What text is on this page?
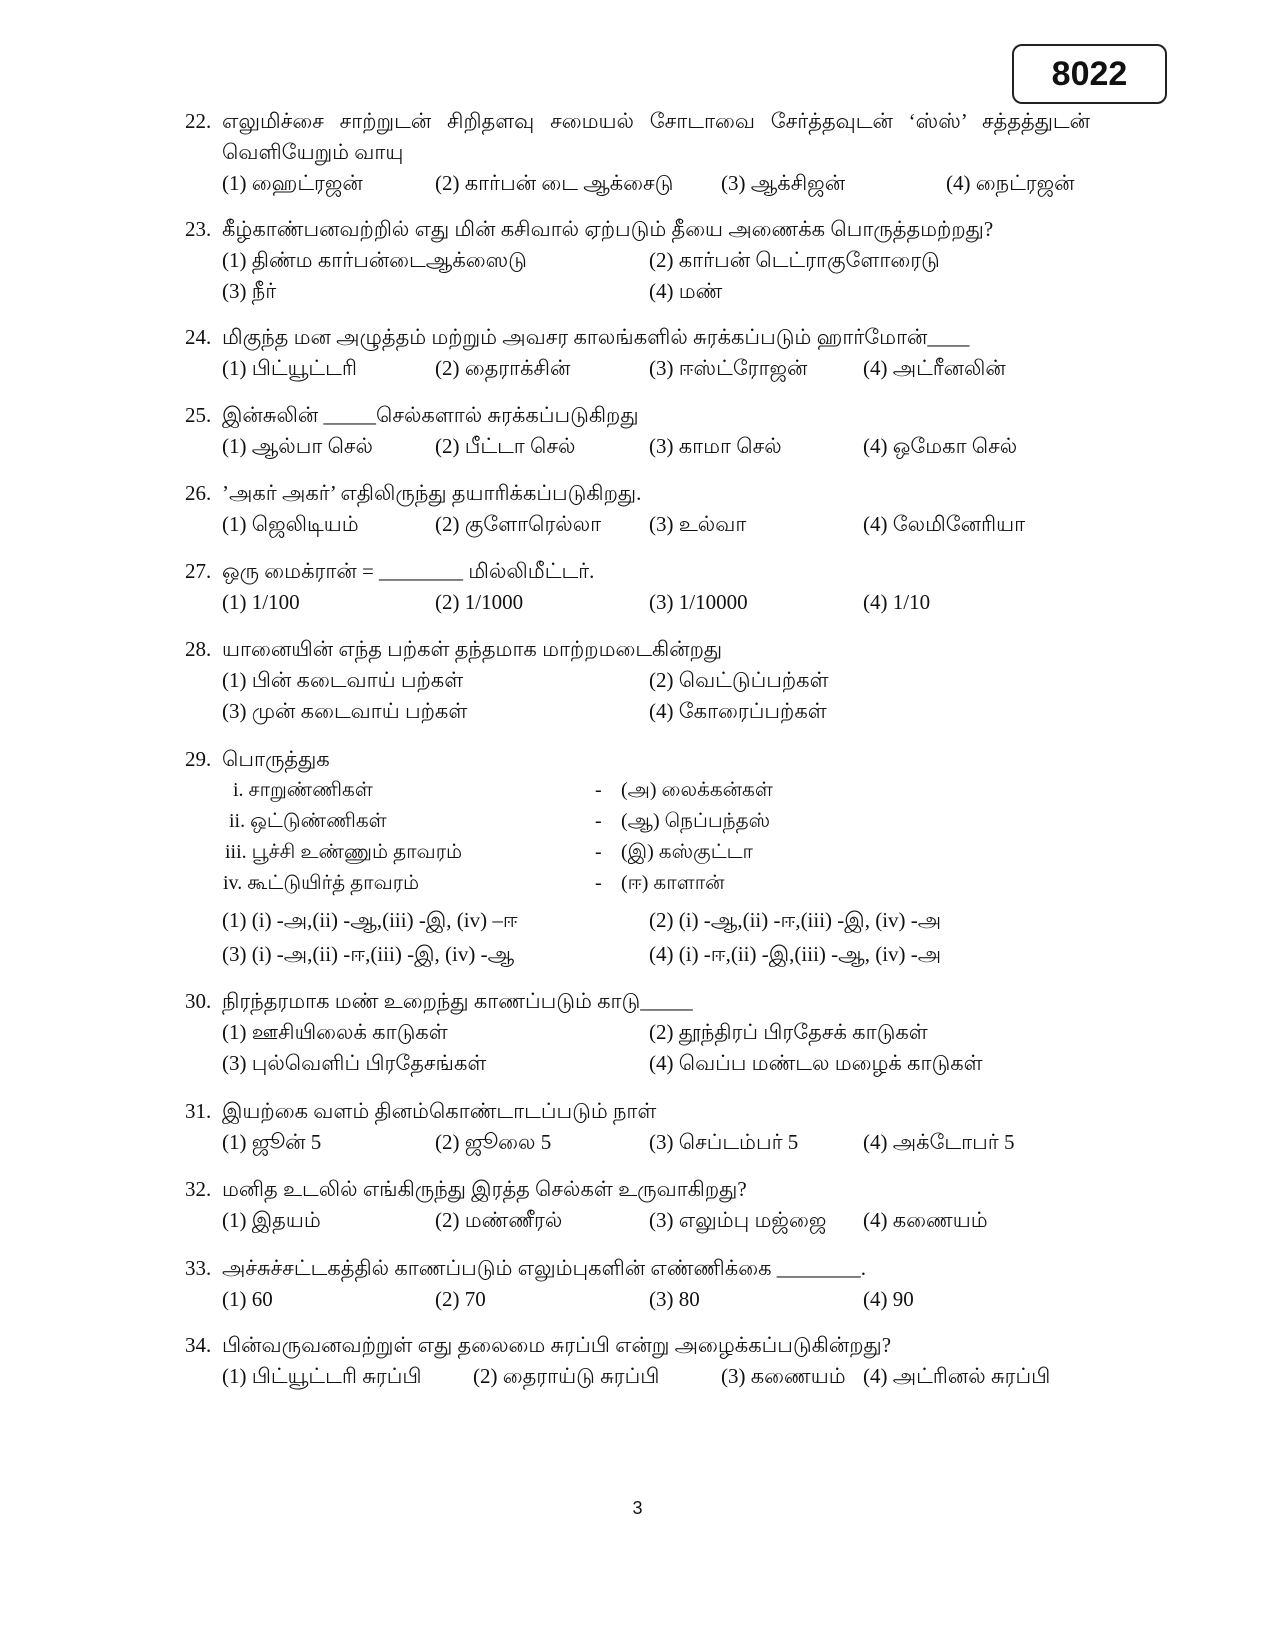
8022
22. எலுமிச்சை சாற்றுடன் சிறிதளவு சமையல் சோடாவை சேர்த்தவுடன் ‘ஸ்ஸ்’ சத்தத்துடன் வெளியேறும் வாயு
(1) ஹைட்ரஜன்	(2) கார்பன் டை ஆக்சைடு (3) ஆக்சிஜன்	(4) நைட்ரஜன்
23. கீழ்காண்பனவற்றில் எது மின் கசிவால் ஏற்படும் தீயை அணைக்க பொருத்தமற்றது?
(1) திண்ம கார்பன்டைஆக்ஸைடு	(2) கார்பன் டெட்ராகுளோரைடு
(3) நீர்	(4) மண்
24. மிகுந்த மன அழுத்தம் மற்றும் அவசர காலங்களில் சுரக்கப்படும் ஹார்மோன்____
(1) பிட்யூட்டரி	(2) தைராக்சின்	(3) ஈஸ்ட்ரோஜன்	(4) அட்ரீனலின்
25. இன்சுலின் _____செல்களால் சுரக்கப்படுகிறது
(1) ஆல்பா செல்	(2) பீட்டா செல்	(3) காமா செல்	(4) ஒமேகா செல்
26. ’அகர் அகர்’ எதிலிருந்து தயாரிக்கப்படுகிறது.
(1) ஜெலிடியம்	(2) குளோரெல்லா (3) உல்வா	(4) லேமினேரியா
27. ஒரு மைக்ரான் = ________ மில்லிமீட்டர்.
(1) 1/100	(2) 1/1000	(3) 1/10000	(4) 1/10
28. யானையின் எந்த பற்கள் தந்தமாக மாற்றமடைகின்றது
(1) பின் கடைவாய் பற்கள்	(2) வெட்டுப்பற்கள்
(3) முன் கடைவாய் பற்கள்	(4) கோரைப்பற்கள்
29. பொருத்துக
i. சாறுண்ணிகள்	- (அ) லைக்கன்கள்
ii. ஒட்டுண்ணிகள்	- (ஆ) நெப்பந்தஸ்
iii. பூச்சி உண்ணும் தாவரம்	- (இ) கஸ்குட்டா
iv. கூட்டுயிர்த் தாவரம்	- (ஈ) காளான்
(1) (i) -அ,(ii) -ஆ,(iii) -இ, (iv) –ஈ	(2) (i) -ஆ,(ii) -ஈ,(iii) -இ, (iv) -அ
(3) (i) -அ,(ii) -ஈ,(iii) -இ, (iv) -ஆ	(4) (i) -ஈ,(ii) -இ,(iii) -ஆ, (iv) -அ
30. நிரந்தரமாக மண் உறைந்து காணப்படும் காடு_____
(1) ஊசியிலைக் காடுகள்	(2) தூந்திரப் பிரதேசக் காடுகள்
(3) புல்வெளிப் பிரதேசங்கள்	(4) வெப்ப மண்டல மழைக் காடுகள்
31. இயற்கை வளம் தினம்கொண்டாடப்படும் நாள்
(1) ஜூன் 5	(2) ஜூலை 5	(3) செப்டம்பர் 5	(4) அக்டோபர் 5
32. மனித உடலில் எங்கிருந்து இரத்த செல்கள் உருவாகிறது?
(1) இதயம்	(2) மண்ணீரல்	(3) எலும்பு மஜ்ஜை (4) கணையம்
33. அச்சுச்சட்டகத்தில் காணப்படும் எலும்புகளின் எண்ணிக்கை ________.
(1) 60	(2) 70	(3) 80	(4) 90
34. பின்வருவனவற்றுள் எது தலைமை சுரப்பி என்று அழைக்கப்படுகின்றது?
(1) பிட்யூட்டரி சுரப்பி (2) தைராய்டு சுரப்பி	(3) கணையம் (4) அட்ரினல் சுரப்பி
3
